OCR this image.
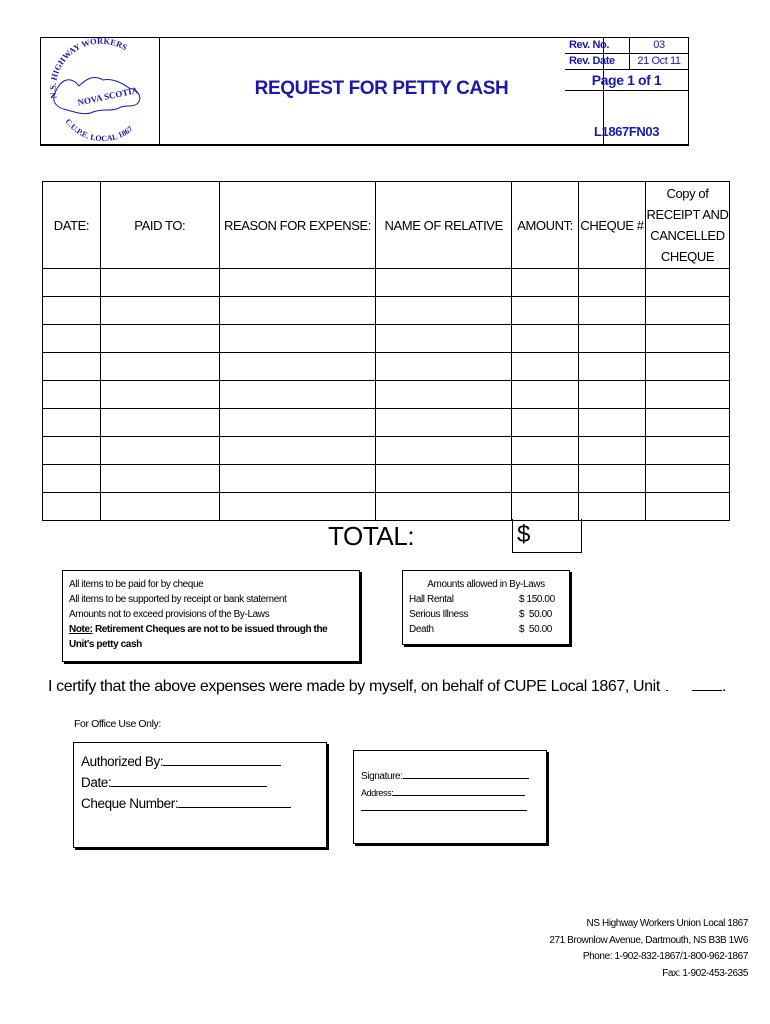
N.S. HIGHWAY WORKERS
NOVA SCOTIA
C.U.P.E. LOCAL 1867
REQUEST FOR PETTY CASH
Rev. No.	03
Rev. Date	21 Oct 11
Page 1 of 1
$_{L1867FN03}$
DATE:	PAID TO:	REASON FOR EXPENSE:	NAME OF RELATIVE	AMOUNT:	CHEQUE #	Copy of
RECEIPT AND
CANCELLED
CHEQUE

TOTAL:	$
All items to be paid for by cheque
All items to be supported by receipt or bank statement
Amounts not to exceed provisions of the By-Laws
Note: Retirement Cheques are not to be issued through the
Unit's petty cash
Amounts allowed in By-Laws
Hall Rental	$ 150.00
Serious Illness	$  50.00
Death	$  50.00
I certify that the above expenses were made by myself, on behalf of CUPE Local 1867, Unit	.
For Office Use Only:
Authorized By:
Date:
Cheque Number:
Signature:
Address:
NS Highway Workers Union Local 1867
271 Brownlow Avenue, Dartmouth, NS B3B 1W6
Phone: 1-902-832-1867/1-800-962-1867
Fax: 1-902-453-2635
